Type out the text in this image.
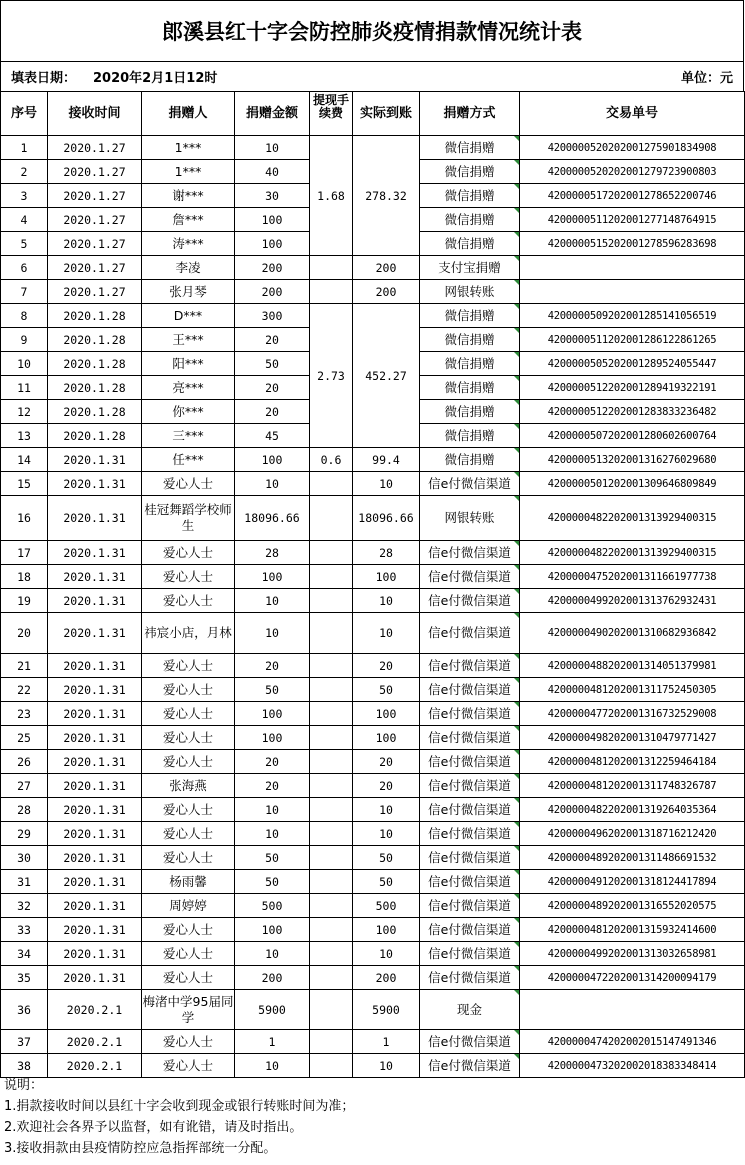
郎溪县红十字会防控肺炎疫情捐款情况统计表
填表日期： 2020年2月1日12时	单位：元
序号	接收时间	捐赠人	捐赠金额	提现手续费	实际到账	捐赠方式	交易单号
1	2020.1.27	1***	10	1.68	278.32	微信捐赠	4200000520202001275901834908
2	2020.1.27	1***	40			微信捐赠	4200000520202001279723900803
3	2020.1.27	谢***	30			微信捐赠	4200000517202001278652200746
4	2020.1.27	詹***	100			微信捐赠	4200000511202001277148764915
5	2020.1.27	涛***	100			微信捐赠	4200000515202001278596283698
6	2020.1.27	李凌	200		200	支付宝捐赠	
7	2020.1.27	张月琴	200		200	网银转账	
8	2020.1.28	D***	300	2.73	452.27	微信捐赠	4200000509202001285141056519
9	2020.1.28	王***	20			微信捐赠	4200000511202001286122861265
10	2020.1.28	阳***	50			微信捐赠	4200000505202001289524055447
11	2020.1.28	亮***	20			微信捐赠	4200000512202001289419322191
12	2020.1.28	你***	20			微信捐赠	4200000512202001283833236482
13	2020.1.28	三***	45			微信捐赠	4200000507202001280602600764
14	2020.1.31	任***	100	0.6	99.4	微信捐赠	4200000513202001316276029680
15	2020.1.31	爱心人士	10		10	信e付微信渠道	4200000501202001309646809849
16	2020.1.31	桂冠舞蹈学校师生	18096.66		18096.66	网银转账	4200000482202001313929400315
17	2020.1.31	爱心人士	28		28	信e付微信渠道	4200000482202001313929400315
18	2020.1.31	爱心人士	100		100	信e付微信渠道	4200000475202001311661977738
19	2020.1.31	爱心人士	10		10	信e付微信渠道	4200000499202001313762932431
20	2020.1.31	祎宸小店，月林	10		10	信e付微信渠道	4200000490202001310682936842
21	2020.1.31	爱心人士	20		20	信e付微信渠道	4200000488202001314051379981
22	2020.1.31	爱心人士	50		50	信e付微信渠道	4200000481202001311752450305
23	2020.1.31	爱心人士	100		100	信e付微信渠道	4200000477202001316732529008
25	2020.1.31	爱心人士	100		100	信e付微信渠道	4200000498202001310479771427
26	2020.1.31	爱心人士	20		20	信e付微信渠道	4200000481202001312259464184
27	2020.1.31	张海燕	20		20	信e付微信渠道	4200000481202001311748326787
28	2020.1.31	爱心人士	10		10	信e付微信渠道	4200000482202001319264035364
29	2020.1.31	爱心人士	10		10	信e付微信渠道	4200000496202001318716212420
30	2020.1.31	爱心人士	50		50	信e付微信渠道	4200000489202001311486691532
31	2020.1.31	杨雨馨	50		50	信e付微信渠道	4200000491202001318124417894
32	2020.1.31	周婷婷	500		500	信e付微信渠道	4200000489202001316552020575
33	2020.1.31	爱心人士	100		100	信e付微信渠道	4200000481202001315932414600
34	2020.1.31	爱心人士	10		10	信e付微信渠道	4200000499202001313032658981
35	2020.1.31	爱心人士	200		200	信e付微信渠道	4200000472202001314200094179
36	2020.2.1	梅渚中学95届同学	5900		5900	现金	
37	2020.2.1	爱心人士	1		1	信e付微信渠道	4200000474202002015147491346
38	2020.2.1	爱心人士	10		10	信e付微信渠道	4200000473202002018383348414
说明：
1.捐款接收时间以县红十字会收到现金或银行转账时间为准；
2.欢迎社会各界予以监督，如有讹错，请及时指出。
3.接收捐款由县疫情防控应急指挥部统一分配。
